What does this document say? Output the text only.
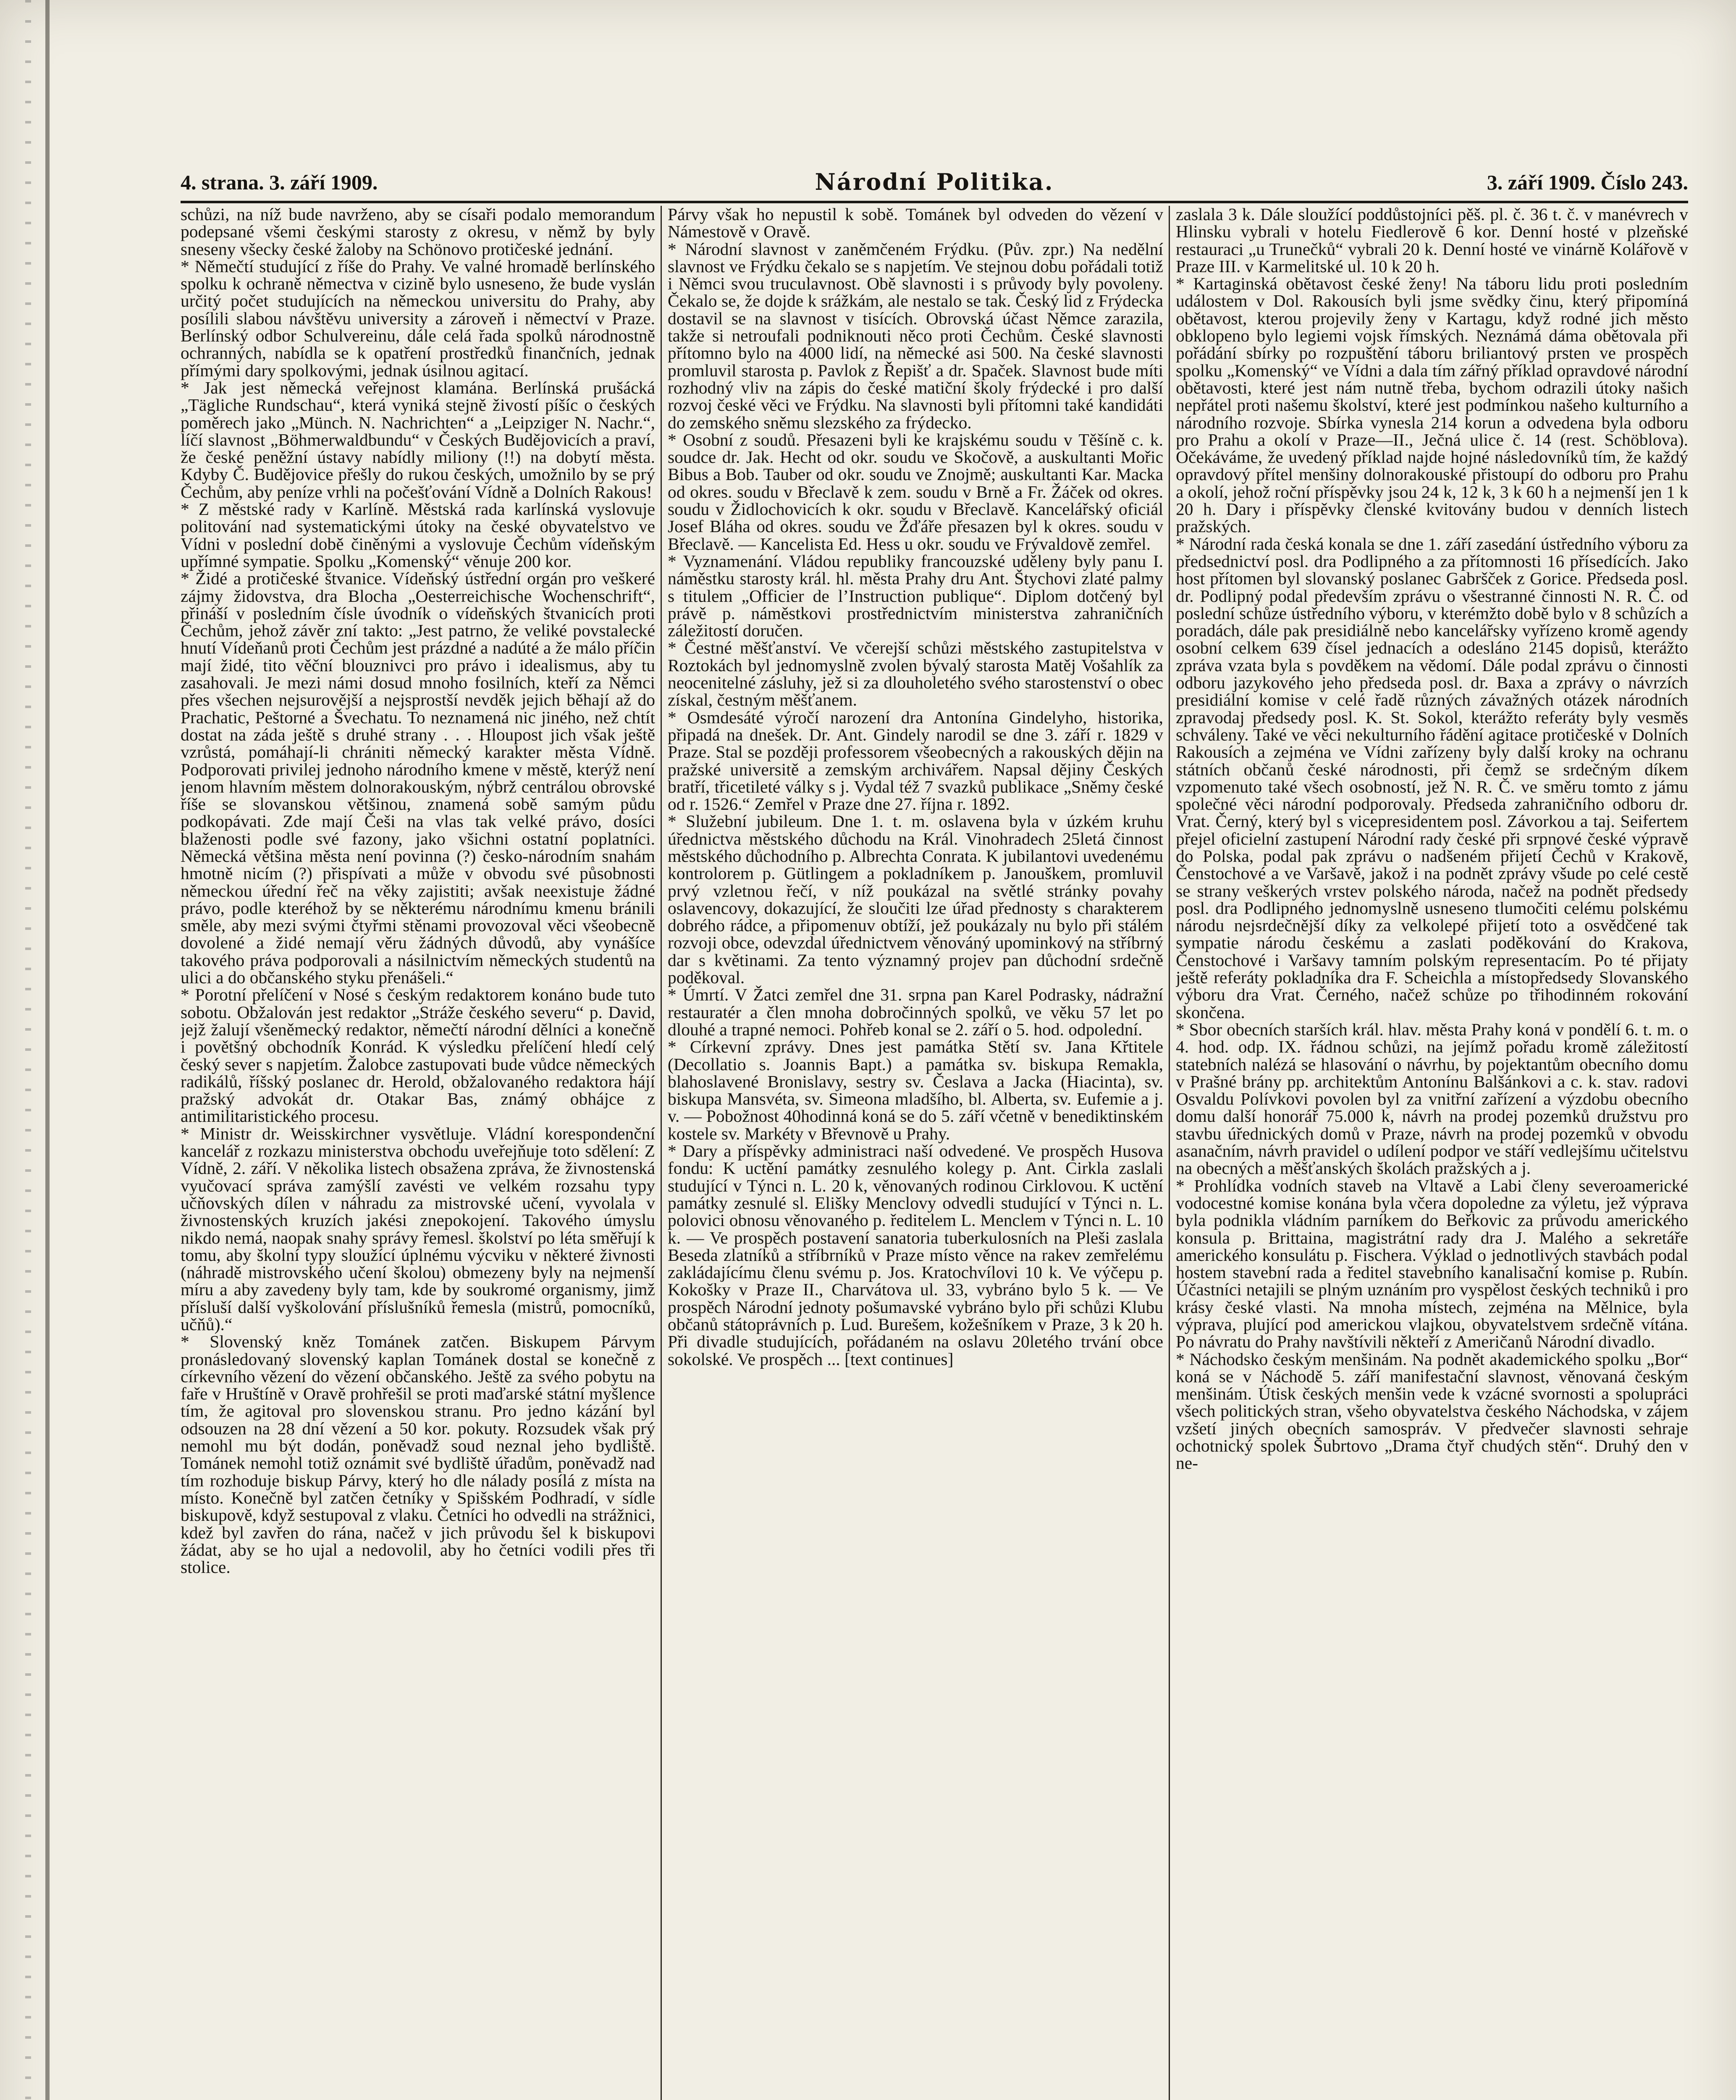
4. strana. 3. září 1909.	Národní Politika.	3. září 1909. Číslo 243.

schůzi, na níž bude navrženo, aby se císaři podalo memorandum podepsané všemi českými starosty z okresu, v němž by byly sneseny všecky české žaloby na Schönovo protičeské jednání.

* Němečtí studující z říše do Prahy. Ve valné hromadě berlínského spolku k ochraně němectva v cizině bylo usneseno, že bude vyslán určitý počet studujících na německou universitu do Prahy, aby posílili slabou návštěvu university a zároveň i němectví v Praze. Berlínský odbor Schulvereinu, dále celá řada spolků národnostně ochranných, nabídla se k opatření prostředků finančních, jednak přímými dary spolkovými, jednak úsilnou agitací.

* Jak jest německá veřejnost klamána. Berlínská prušácká „Tägliche Rundschau“, která vyniká stejně živostí píšíc o českých poměrech jako „Münch. N. Nachrichten“ a „Leipziger N. Nachr.“, líčí slavnost „Böhmerwaldbundu“ v Českých Budějovicích a praví, že české peněžní ústavy nabídly miliony (!!) na dobytí města. Kdyby Č. Budějovice přešly do rukou českých, umožnilo by se prý Čechům, aby peníze vrhli na počešťování Vídně a Dolních Rakous!

* Z městské rady v Karlíně. Městská rada karlínská vyslovuje politování nad systematickými útoky na české obyvatelstvo ve Vídni v poslední době činěnými a vyslovuje Čechům vídeňským upřímné sympatie. Spolku „Komenský“ věnuje 200 kor.

* Židé a protičeské štvanice. Vídeňský ústřední orgán pro veškeré zájmy židovstva, dra Blocha „Oesterreichische Wochenschrift“, přináší v posledním čísle úvodník o vídeňských štvanicích proti Čechům, jehož závěr zní takto: „Jest patrno, že veliké povstalecké hnutí Vídeňanů proti Čechům jest prázdné a nadúté a že málo příčin mají židé, tito věční blouznivci pro právo i idealismus, aby tu zasahovali. Je mezi námi dosud mnoho fosilních, kteří za Němci přes všechen nejsurovější a nejsprostší nevděk jejich běhají až do Prachatic, Peštorné a Švechatu. To neznamená nic jiného, než chtít dostat na záda ještě s druhé strany . . . Hloupost jich však ještě vzrůstá, pomáhají-li chrániti německý karakter města Vídně. Podporovati privilej jednoho národního kmene v městě, kterýž není jenom hlavním městem dolnorakouským, nýbrž centrálou obrovské říše se slovanskou většinou, znamená sobě samým půdu podkopávati. Zde mají Češi na vlas tak velké právo, dosíci blaženosti podle své fazony, jako všichni ostatní poplatníci. Německá většina města není povinna (?) česko-národním snahám hmotně nicím (?) přispívati a může v obvodu své působnosti německou úřední řeč na věky zajistiti; avšak neexistuje žádné právo, podle kteréhož by se některému národnímu kmenu bránili směle, aby mezi svými čtyřmi stěnami provozoval věci všeobecně dovolené a židé nemají věru žádných důvodů, aby vynášíce takového práva podporovali a násilnictvím německých studentů na ulici a do občanského styku přenášeli.“

* Porotní přelíčení v Nosé s českým redaktorem konáno bude tuto sobotu. Obžalován jest redaktor „Stráže českého severu“ p. David, jejž žalují všeněmecký redaktor, němečtí národní dělníci a konečně i povětšný obchodník Konrád. K výsledku přelíčení hledí celý český sever s napjetím. Žalobce zastupovati bude vůdce německých radikálů, říšský poslanec dr. Herold, obžalovaného redaktora hájí pražský advokát dr. Otakar Bas, známý obhájce z antimilitaristického procesu.

* Ministr dr. Weisskirchner vysvětluje. Vládní korespondenční kancelář z rozkazu ministerstva obchodu uveřejňuje toto sdělení: Z Vídně, 2. září. V několika listech obsažena zpráva, že živnostenská vyučovací správa zamýšlí zavésti ve velkém rozsahu typy učňovských dílen v náhradu za mistrovské učení, vyvolala v živnostenských kruzích jakési znepokojení. Takového úmyslu nikdo nemá, naopak snahy správy řemesl. školství po léta směřují k tomu, aby školní typy sloužící úplnému výcviku v některé živnosti (náhradě mistrovského učení školou) obmezeny byly na nejmenší míru a aby zavedeny byly tam, kde by soukromé organismy, jimž přísluší další vyškolování příslušníků řemesla (mistrů, pomocníků, učňů).“

* Slovenský kněz Tománek zatčen. Biskupem Párvym pronásledovaný slovenský kaplan Tománek dostal se konečně z církevního vězení do vězení občanského. Ještě za svého pobytu na faře v Hruštíně v Oravě prohřešil se proti maďarské státní myšlence tím, že agitoval pro slovenskou stranu. Pro jedno kázání byl odsouzen na 28 dní vězení a 50 kor. pokuty. Rozsudek však prý nemohl mu být dodán, poněvadž soud neznal jeho bydliště. Tománek nemohl totiž oznámit své bydliště úřadům, poněvadž nad tím rozhoduje biskup Párvy, který ho dle nálady posílá z místa na místo. Konečně byl zatčen četníky v Spišském Podhradí, v sídle biskupově, když sestupoval z vlaku. Četníci ho odvedli na strážnici, kdež byl zavřen do rána, načež v jich průvodu šel k biskupovi žádat, aby se ho ujal a nedovolil, aby ho četníci vodili přes tři stolice.

Párvy však ho nepustil k sobě. Tománek byl odveden do vězení v Námestově v Oravě.

* Národní slavnost v zaněmčeném Frýdku. (Pův. zpr.) Na nedělní slavnost ve Frýdku čekalo se s napjetím. Ve stejnou dobu pořádali totiž i Němci svou truculavnost. Obě slavnosti i s průvody byly povoleny. Čekalo se, že dojde k srážkám, ale nestalo se tak. Český lid z Frýdecka dostavil se na slavnost v tisících. Obrovská účast Němce zarazila, takže si netroufali podniknouti něco proti Čechům. České slavnosti přítomno bylo na 4000 lidí, na německé asi 500. Na české slavnosti promluvil starosta p. Pavlok z Řepišť a dr. Spaček. Slavnost bude míti rozhodný vliv na zápis do české matiční školy frýdecké i pro další rozvoj české věci ve Frýdku. Na slavnosti byli přítomni také kandidáti do zemského sněmu slezského za frýdecko.

* Osobní z soudů. Přesazeni byli ke krajskému soudu v Těšíně c. k. soudce dr. Jak. Hecht od okr. soudu ve Skočově, a auskultanti Mořic Bibus a Bob. Tauber od okr. soudu ve Znojmě; auskultanti Kar. Macka od okres. soudu v Břeclavě k zem. soudu v Brně a Fr. Žáček od okres. soudu v Židlochovicích k okr. soudu v Břeclavě. Kancelářský oficiál Josef Bláha od okres. soudu ve Žďáře přesazen byl k okres. soudu v Břeclavě. — Kancelista Ed. Hess u okr. soudu ve Frývaldově zemřel.

* Vyznamenání. Vládou republiky francouzské uděleny byly panu I. náměstku starosty král. hl. města Prahy dru Ant. Štychovi zlaté palmy s titulem „Officier de l’Instruction publique“. Diplom dotčený byl právě p. náměstkovi prostřednictvím ministerstva zahraničních záležitostí doručen.

* Čestné měšťanství. Ve včerejší schůzi městského zastupitelstva v Roztokách byl jednomyslně zvolen bývalý starosta Matěj Vošahlík za neocenitelné zásluhy, jež si za dlouholetého svého starostenství o obec získal, čestným měšťanem.

* Osmdesáté výročí narození dra Antonína Gindelyho, historika, připadá na dnešek. Dr. Ant. Gindely narodil se dne 3. září r. 1829 v Praze. Stal se později professorem všeobecných a rakouských dějin na pražské universitě a zemským archivářem. Napsal dějiny Českých bratří, třicetileté války s j. Vydal též 7 svazků publikace „Sněmy české od r. 1526.“ Zemřel v Praze dne 27. října r. 1892.

* Služební jubileum. Dne 1. t. m. oslavena byla v úzkém kruhu úřednictva městského důchodu na Král. Vinohradech 25letá činnost městského důchodního p. Albrechta Conrata. K jubilantovi uvedenému kontrolorem p. Gütlingem a pokladníkem p. Janouškem, promluvil prvý vzletnou řečí, v níž poukázal na světlé stránky povahy oslavencovy, dokazující, že sloučiti lze úřad přednosty s charakterem dobrého rádce, a připomenuv obtíží, jež poukázaly nu bylo při stálém rozvoji obce, odevzdal úřednictvem věnováný upominkový na stříbrný dar s květinami. Za tento významný projev pan důchodní srdečně poděkoval.

* Úmrtí. V Žatci zemřel dne 31. srpna pan Karel Podrasky, nádražní restauratér a člen mnoha dobročinných spolků, ve věku 57 let po dlouhé a trapné nemoci. Pohřeb konal se 2. září o 5. hod. odpolední.

* Církevní zprávy. Dnes jest památka Stětí sv. Jana Křtitele (Decollatio s. Joannis Bapt.) a památka sv. biskupa Remakla, blahoslavené Bronislavy, sestry sv. Česlava a Jacka (Hiacinta), sv. biskupa Mansvéta, sv. Simeona mladšího, bl. Alberta, sv. Eufemie a j. v. — Pobožnost 40hodinná koná se do 5. září včetně v benediktinském kostele sv. Markéty v Břevnově u Prahy.

* Dary a příspěvky administraci naší odvedené. Ve prospěch Husova fondu: K uctění památky zesnulého kolegy p. Ant. Cirkla zaslali studující v Týnci n. L. 20 k, věnovaných rodinou Cirklovou. K uctění památky zesnulé sl. Elišky Menclovy odvedli studující v Týnci n. L. polovici obnosu věnovaného p. ředitelem L. Menclem v Týnci n. L. 10 k. — Ve prospěch postavení sanatoria tuberkulosních na Pleši zaslala Beseda zlatníků a stříbrníků v Praze místo věnce na rakev zemřelému zakládajícímu členu svému p. Jos. Kratochvílovi 10 k. Ve výčepu p. Kokošky v Praze II., Charvátova ul. 33, vybráno bylo 5 k. — Ve prospěch Národní jednoty pošumavské vybráno bylo při schůzi Klubu občanů státoprávních p. Lud. Burešem, kožešníkem v Praze, 3 k 20 h. Při divadle studujících, pořádaném na oslavu 20letého trvání obce sokolské. Ve prospěch ... [text continues]

zaslala 3 k. Dále sloužící poddůstojníci pěš. pl. č. 36 t. č. v manévrech v Hlinsku vybrali v hotelu Fiedlerově 6 kor. Denní hosté v plzeňské restauraci „u Trunečků“ vybrali 20 k. Denní hosté ve vinárně Kolářově v Praze III. v Karmelitské ul. 10 k 20 h.

* Kartaginská obětavost české ženy! Na táboru lidu proti posledním událostem v Dol. Rakousích byli jsme svědky činu, který připomíná obětavost, kterou projevily ženy v Kartagu, když rodné jich město obklopeno bylo legiemi vojsk římských. Neznámá dáma obětovala při pořádání sbírky po rozpuštění táboru briliantový prsten ve prospěch spolku „Komenský“ ve Vídni a dala tím zářný příklad opravdové národní obětavosti, které jest nám nutně třeba, bychom odrazili útoky našich nepřátel proti našemu školství, které jest podmínkou našeho kulturního a národního rozvoje. Sbírka vynesla 214 korun a odvedena byla odboru pro Prahu a okolí v Praze—II., Ječná ulice č. 14 (rest. Schöblova). Očekáváme, že uvedený příklad najde hojné následovníků tím, že každý opravdový přítel menšiny dolnorakouské přistoupí do odboru pro Prahu a okolí, jehož roční příspěvky jsou 24 k, 12 k, 3 k 60 h a nejmenší jen 1 k 20 h. Dary i příspěvky členské kvitovány budou v denních listech pražských.

* Národní rada česká konala se dne 1. září zasedání ústředního výboru za předsednictví posl. dra Podlipného a za přítomnosti 16 přísedících. Jako host přítomen byl slovanský poslanec Gabršček z Gorice. Předseda posl. dr. Podlipný podal především zprávu o všestranné činnosti N. R. Č. od poslední schůze ústředního výboru, v kterémžto době bylo v 8 schůzích a poradách, dále pak presidiálně nebo kancelářsky vyřízeno kromě agendy osobní celkem 639 čísel jednacích a odesláno 2145 dopisů, kterážto zpráva vzata byla s povděkem na vědomí. Dále podal zprávu o činnosti odboru jazykového jeho předseda posl. dr. Baxa a zprávy o návrzích presidiální komise v celé řadě různých závažných otázek národních zpravodaj předsedy posl. K. St. Sokol, kterážto referáty byly vesměs schváleny. Také ve věci nekulturního řádění agitace protičeské v Dolních Rakousích a zejména ve Vídni zařízeny byly další kroky na ochranu státních občanů české národnosti, při čemž se srdečným díkem vzpomenuto také všech osobností, jež N. R. Č. ve směru tomto z jámu společné věci národní podporovaly. Předseda zahraničního odboru dr. Vrat. Černý, který byl s vicepresidentem posl. Závorkou a taj. Seifertem přejel oficielní zastupení Národní rady české při srpnové české výpravě do Polska, podal pak zprávu o nadšeném přijetí Čechů v Krakově, Čenstochové a ve Varšavě, jakož i na podnět zprávy všude po celé cestě se strany veškerých vrstev polského národa, načež na podnět předsedy posl. dra Podlipného jednomyslně usneseno tlumočiti celému polskému národu nejsrdečnější díky za velkolepé přijetí toto a osvědčené tak sympatie národu českému a zaslati poděkování do Krakova, Čenstochové i Varšavy tamním polským representacím. Po té přijaty ještě referáty pokladníka dra F. Scheichla a místopředsedy Slovanského výboru dra Vrat. Černého, načež schůze po třihodinném rokování skončena.

* Sbor obecních starších král. hlav. města Prahy koná v pondělí 6. t. m. o 4. hod. odp. IX. řádnou schůzi, na jejímž pořadu kromě záležitostí statebních nalézá se hlasování o návrhu, by pojektantům obecního domu v Prašné brány pp. architektům Antonínu Balšánkovi a c. k. stav. radovi Osvaldu Polívkovi povolen byl za vnitřní zařízení a výzdobu obecního domu další honorář 75.000 k, návrh na prodej pozemků družstvu pro stavbu úřednických domů v Praze, návrh na prodej pozemků v obvodu asanačním, návrh pravidel o udílení podpor ve stáří vedlejšímu učitelstvu na obecných a měšťanských školách pražských a j.

* Prohlídka vodních staveb na Vltavě a Labi členy severoamerické vodocestné komise konána byla včera dopoledne za výletu, jež výprava byla podnikla vládním parníkem do Beřkovic za průvodu amerického konsula p. Brittaina, magistrátní rady dra J. Malého a sekretáře amerického konsulátu p. Fischera. Výklad o jednotlivých stavbách podal hostem stavební rada a ředitel stavebního kanalisační komise p. Rubín. Účastníci netajili se plným uznáním pro vyspělost českých techniků i pro krásy české vlasti. Na mnoha místech, zejména na Mělnice, byla výprava, plující pod americkou vlajkou, obyvatelstvem srdečně vítána. Po návratu do Prahy navštívili někteří z Američanů Národní divadlo.

* Náchodsko českým menšinám. Na podnět akademického spolku „Bor“ koná se v Náchodě 5. září manifestační slavnost, věnovaná českým menšinám. Útisk českých menšin vede k vzácné svornosti a spolupráci všech politických stran, všeho obyvatelstva českého Náchodska, v zájem vzšetí jiných obecních samospráv. V předvečer slavnosti sehraje ochotnický spolek Šubrtovo „Drama čtyř chudých stěn“. Druhý den v ne-
